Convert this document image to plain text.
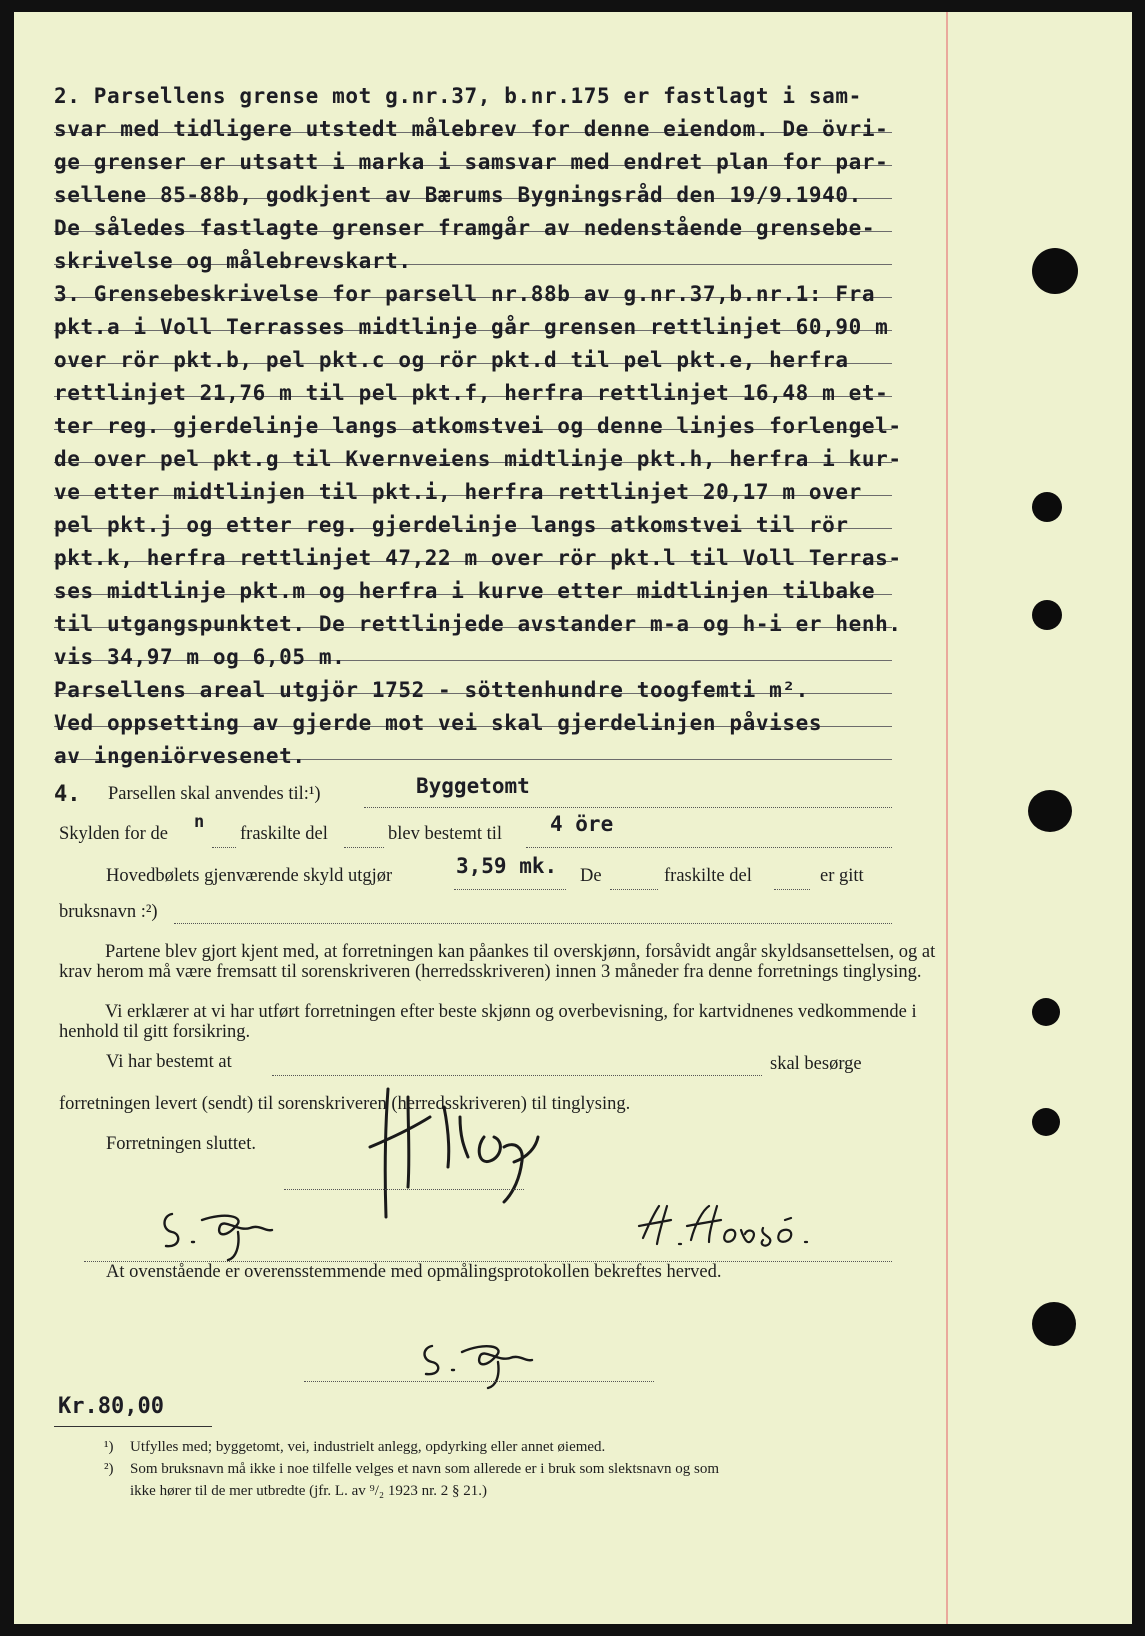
2. Parsellens grense mot g.nr.37, b.nr.175 er fastlagt i sam-
svar med tidligere utstedt målebrev for denne eiendom. De övri-
ge grenser er utsatt i marka i samsvar med endret plan for par-
sellene 85-88b, godkjent av Bærums Bygningsråd den 19/9.1940.
De således fastlagte grenser framgår av nedenstående grensebe-
skrivelse og målebrevskart.
3. Grensebeskrivelse for parsell nr.88b av g.nr.37,b.nr.1: Fra
pkt.a i Voll Terrasses midtlinje går grensen rettlinjet 60,90 m
over rör pkt.b, pel pkt.c og rör pkt.d til pel pkt.e, herfra
rettlinjet 21,76 m til pel pkt.f, herfra rettlinjet 16,48 m et-
ter reg. gjerdelinje langs atkomstvei og denne linjes forlengel-
de over pel pkt.g til Kvernveiens midtlinje pkt.h, herfra i kur-
ve etter midtlinjen til pkt.i, herfra rettlinjet 20,17 m over
pel pkt.j og etter reg. gjerdelinje langs atkomstvei til rör
pkt.k, herfra rettlinjet 47,22 m over rör pkt.l til Voll Terras-
ses midtlinje pkt.m og herfra i kurve etter midtlinjen tilbake
til utgangspunktet. De rettlinjede avstander m-a og h-i er henh.
vis 34,97 m og 6,05 m.
Parsellens areal utgjör 1752 - söttenhundre toogfemti m².
Ved oppsetting av gjerde mot vei skal gjerdelinjen påvises
av ingeniörvesenet.
4. Parsellen skal anvendes til:¹)	Byggetomt
Skylden for de
n
fraskilte del	blev bestemt til 4 öre
Hovedbølets gjenværende skyld utgjør	3,59 mk. De	fraskilte del	er gitt
bruksnavn :²)

Partene blev gjort kjent med, at forretningen kan påankes til overskjønn, forsåvidt angår skyldsansettelsen, og at krav herom må være fremsatt til sorenskriveren (herredsskriveren) innen 3 måneder fra denne forretnings tinglysing.

Vi erklærer at vi har utført forretningen efter beste skjønn og overbevisning, for kartvidnenes vedkommende i henhold til gitt forsikring.

Vi har bestemt at	skal besørge
forretningen levert (sendt) til sorenskriveren (herredsskriveren) til tinglysing.
Forretningen sluttet.
H. Tvilsnge
At ovenstående er overensstemmende med opmålingsprotokollen bekreftes herved.
Kr.80,00
¹) Utfylles med; byggetomt, vei, industrielt anlegg, opdyrking eller annet øiemed.
²) Som bruksnavn må ikke i noe tilfelle velges et navn som allerede er i bruk som slektsnavn og som
ikke hører til de mer utbredte (jfr. L. av ⁹/₂ 1923 nr. 2 § 21.)
